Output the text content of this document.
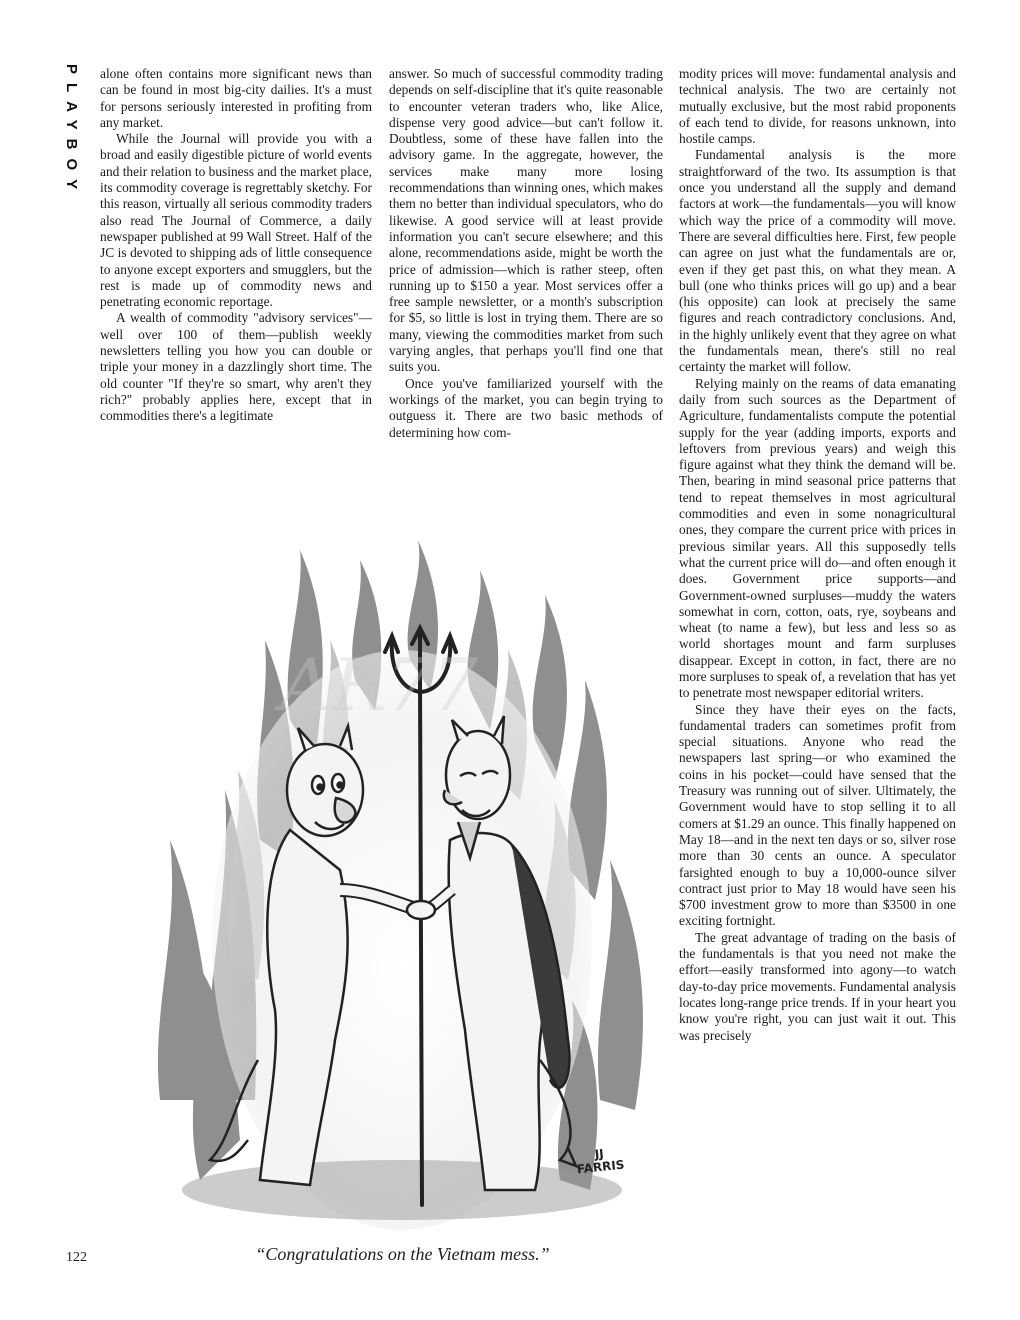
PLAYBOY alone often contains more significant news than can be found in most big-city dailies. It's a must for persons seriously interested in profiting from any market.

While the Journal will provide you with a broad and easily digestible picture of world events and their relation to business and the market place, its commodity coverage is regrettably sketchy. For this reason, virtually all serious commodity traders also read The Journal of Commerce, a daily newspaper published at 99 Wall Street. Half of the JC is devoted to shipping ads of little consequence to anyone except exporters and smugglers, but the rest is made up of commodity news and penetrating economic reportage.

A wealth of commodity "advisory services"—well over 100 of them—publish weekly newsletters telling you how you can double or triple your money in a dazzlingly short time. The old counter "If they're so smart, why aren't they rich?" probably applies here, except that in commodities there's a legitimate

answer. So much of successful commodity trading depends on self-discipline that it's quite reasonable to encounter veteran traders who, like Alice, dispense very good advice—but can't follow it. Doubtless, some of these have fallen into the advisory game. In the aggregate, however, the services make many more losing recommendations than winning ones, which makes them no better than individual speculators, who do likewise. A good service will at least provide information you can't secure elsewhere; and this alone, recommendations aside, might be worth the price of admission—which is rather steep, often running up to $150 a year. Most services offer a free sample newsletter, or a month's subscription for $5, so little is lost in trying them. There are so many, viewing the commodities market from such varying angles, that perhaps you'll find one that suits you.

Once you've familiarized yourself with the workings of the market, you can begin trying to outguess it. There are two basic methods of determining how com-

modity prices will move: fundamental analysis and technical analysis. The two are certainly not mutually exclusive, but the most rabid proponents of each tend to divide, for reasons unknown, into hostile camps.

Fundamental analysis is the more straightforward of the two. Its assumption is that once you understand all the supply and demand factors at work—the fundamentals—you will know which way the price of a commodity will move. There are several difficulties here. First, few people can agree on just what the fundamentals are or, even if they get past this, on what they mean. A bull (one who thinks prices will go up) and a bear (his opposite) can look at precisely the same figures and reach contradictory conclusions. And, in the highly unlikely event that they agree on what the fundamentals mean, there's still no real certainty the market will follow.

Relying mainly on the reams of data emanating daily from such sources as the Department of Agriculture, fundamentalists compute the potential supply for the year (adding imports, exports and leftovers from previous years) and weigh this figure against what they think the demand will be. Then, bearing in mind seasonal price patterns that tend to repeat themselves in most agricultural commodities and even in some nonagricultural ones, they compare the current price with prices in previous similar years. All this supposedly tells what the current price will do—and often enough it does. Government price supports—and Government-owned surpluses—muddy the waters somewhat in corn, cotton, oats, rye, soybeans and wheat (to name a few), but less and less so as world shortages mount and farm surpluses disappear. Except in cotton, in fact, there are no more surpluses to speak of, a revelation that has yet to penetrate most newspaper editorial writers.

Since they have their eyes on the facts, fundamental traders can sometimes profit from special situations. Anyone who read the newspapers last spring—or who examined the coins in his pocket—could have sensed that the Treasury was running out of silver. Ultimately, the Government would have to stop selling it to all comers at $1.29 an ounce. This finally happened on May 18—and in the next ten days or so, silver rose more than 30 cents an ounce. A speculator farsighted enough to buy a 10,000-ounce silver contract just prior to May 18 would have seen his $700 investment grow to more than $3500 in one exciting fortnight.

The great advantage of trading on the basis of the fundamentals is that you need not make the effort—easily transformed into agony—to watch day-to-day price movements. Fundamental analysis locates long-range price trends. If in your heart you know you're right, you can just wait it out. This was precisely

AR77
JJ
FARRIS
“Congratulations on the Vietnam mess.”
122
